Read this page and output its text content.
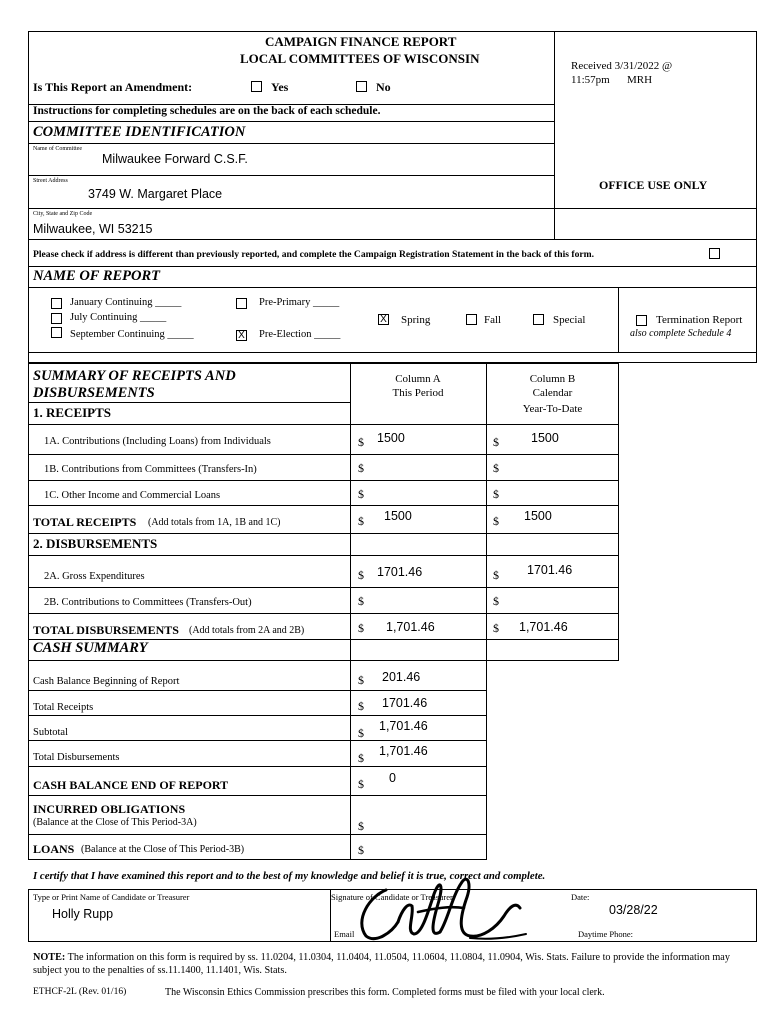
CAMPAIGN FINANCE REPORT
LOCAL COMMITTEES OF WISCONSIN
Is This Report an Amendment:	Yes	No
Received 3/31/2022 @
11:57pm MRH
Instructions for completing schedules are on the back of each schedule.
COMMITTEE IDENTIFICATION
Name of Committee
Milwaukee Forward C.S.F.
Street Address
3749 W. Margaret Place
OFFICE USE ONLY
City, State and Zip Code
Milwaukee, WI 53215
Please check if address is different than previously reported, and complete the Campaign Registration Statement in the back of this form.
NAME OF REPORT
January Continuing _____
July Continuing _____
September Continuing _____
Pre-Primary _____
X Pre-Election _____
X Spring	Fall	Special	Termination Report
also complete Schedule 4
SUMMARY OF RECEIPTS AND
DISBURSEMENTS
Column A
This Period
Column B
Calendar
Year-To-Date
1. RECEIPTS
1A. Contributions (Including Loans) from Individuals	$ 1500	$	1500
1B. Contributions from Committees (Transfers-In)	$	$
1C. Other Income and Commercial Loans	$	$
TOTAL RECEIPTS (Add totals from 1A, 1B and 1C)	$ 1500	$ 1500
2. DISBURSEMENTS
2A. Gross Expenditures	$ 1701.46	$ 1701.46
2B. Contributions to Committees (Transfers-Out)	$	$
TOTAL DISBURSEMENTS (Add totals from 2A and 2B)	$ 1,701.46	$ 1,701.46
CASH SUMMARY
Cash Balance Beginning of Report	$ 201.46
Total Receipts	$ 1701.46
Subtotal	$ 1,701.46
Total Disbursements	$ 1,701.46
CASH BALANCE END OF REPORT	$ 0
INCURRED OBLIGATIONS
(Balance at the Close of This Period-3A)	$
LOANS (Balance at the Close of This Period-3B)	$
I certify that I have examined this report and to the best of my knowledge and belief it is true, correct and complete.
Type or Print Name of Candidate or Treasurer
Holly Rupp
Signature of Candidate or Treasurer	Date:
03/28/22
Email	Daytime Phone:
NOTE: The information on this form is required by ss. 11.0204, 11.0304, 11.0404, 11.0504, 11.0604, 11.0804, 11.0904, Wis. Stats. Failure to provide the information may subject you to the penalties of ss.11.1400, 11.1401, Wis. Stats.
ETHCF-2L (Rev. 01/16)	The Wisconsin Ethics Commission prescribes this form. Completed forms must be filed with your local clerk.
